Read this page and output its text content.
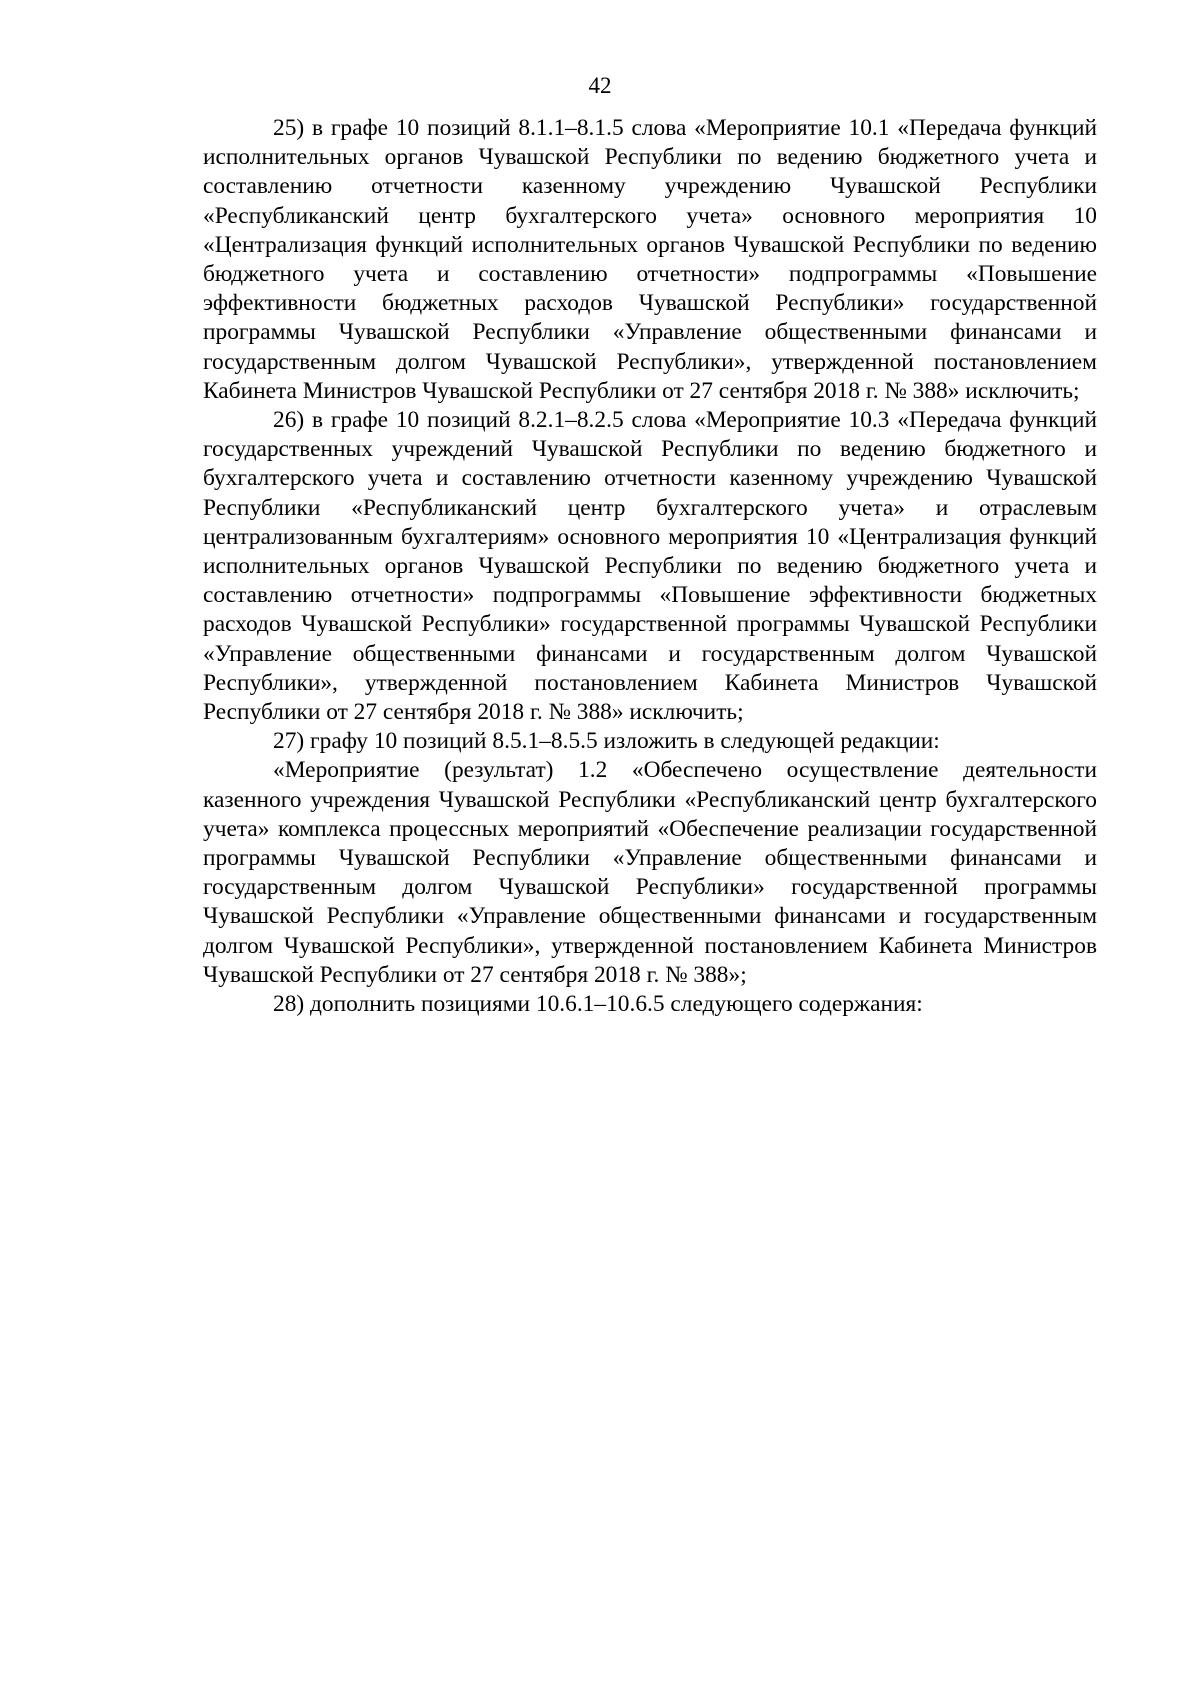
42

25) в графе 10 позиций 8.1.1–8.1.5 слова «Мероприятие 10.1 «Передача функций исполнительных органов Чувашской Республики по ведению бюджетного учета и составлению отчетности казенному учреждению Чувашской Республики «Республиканский центр бухгалтерского учета» основного мероприятия 10 «Централизация функций исполнительных органов Чувашской Республики по ведению бюджетного учета и составлению отчетности» подпрограммы «Повышение эффективности бюджетных расходов Чувашской Республики» государственной программы Чувашской Республики «Управление общественными финансами и государственным долгом Чувашской Республики», утвержденной постановлением Кабинета Министров Чувашской Республики от 27 сентября 2018 г. № 388» исключить;

26) в графе 10 позиций 8.2.1–8.2.5 слова «Мероприятие 10.3 «Передача функций государственных учреждений Чувашской Республики по ведению бюджетного и бухгалтерского учета и составлению отчетности казенному учреждению Чувашской Республики «Республиканский центр бухгалтерского учета» и отраслевым централизованным бухгалтериям» основного мероприятия 10 «Централизация функций исполнительных органов Чувашской Республики по ведению бюджетного учета и составлению отчетности» подпрограммы «Повышение эффективности бюджетных расходов Чувашской Республики» государственной программы Чувашской Республики «Управление общественными финансами и государственным долгом Чувашской Республики», утвержденной постановлением Кабинета Министров Чувашской Республики от 27 сентября 2018 г. № 388» исключить;

27) графу 10 позиций 8.5.1–8.5.5 изложить в следующей редакции:

«Мероприятие (результат) 1.2 «Обеспечено осуществление деятельности казенного учреждения Чувашской Республики «Республиканский центр бухгалтерского учета» комплекса процессных мероприятий «Обеспечение реализации государственной программы Чувашской Республики «Управление общественными финансами и государственным долгом Чувашской Республики» государственной программы Чувашской Республики «Управление общественными финансами и государственным долгом Чувашской Республики», утвержденной постановлением Кабинета Министров Чувашской Республики от 27 сентября 2018 г. № 388»;

28) дополнить позициями 10.6.1–10.6.5 следующего содержания:
